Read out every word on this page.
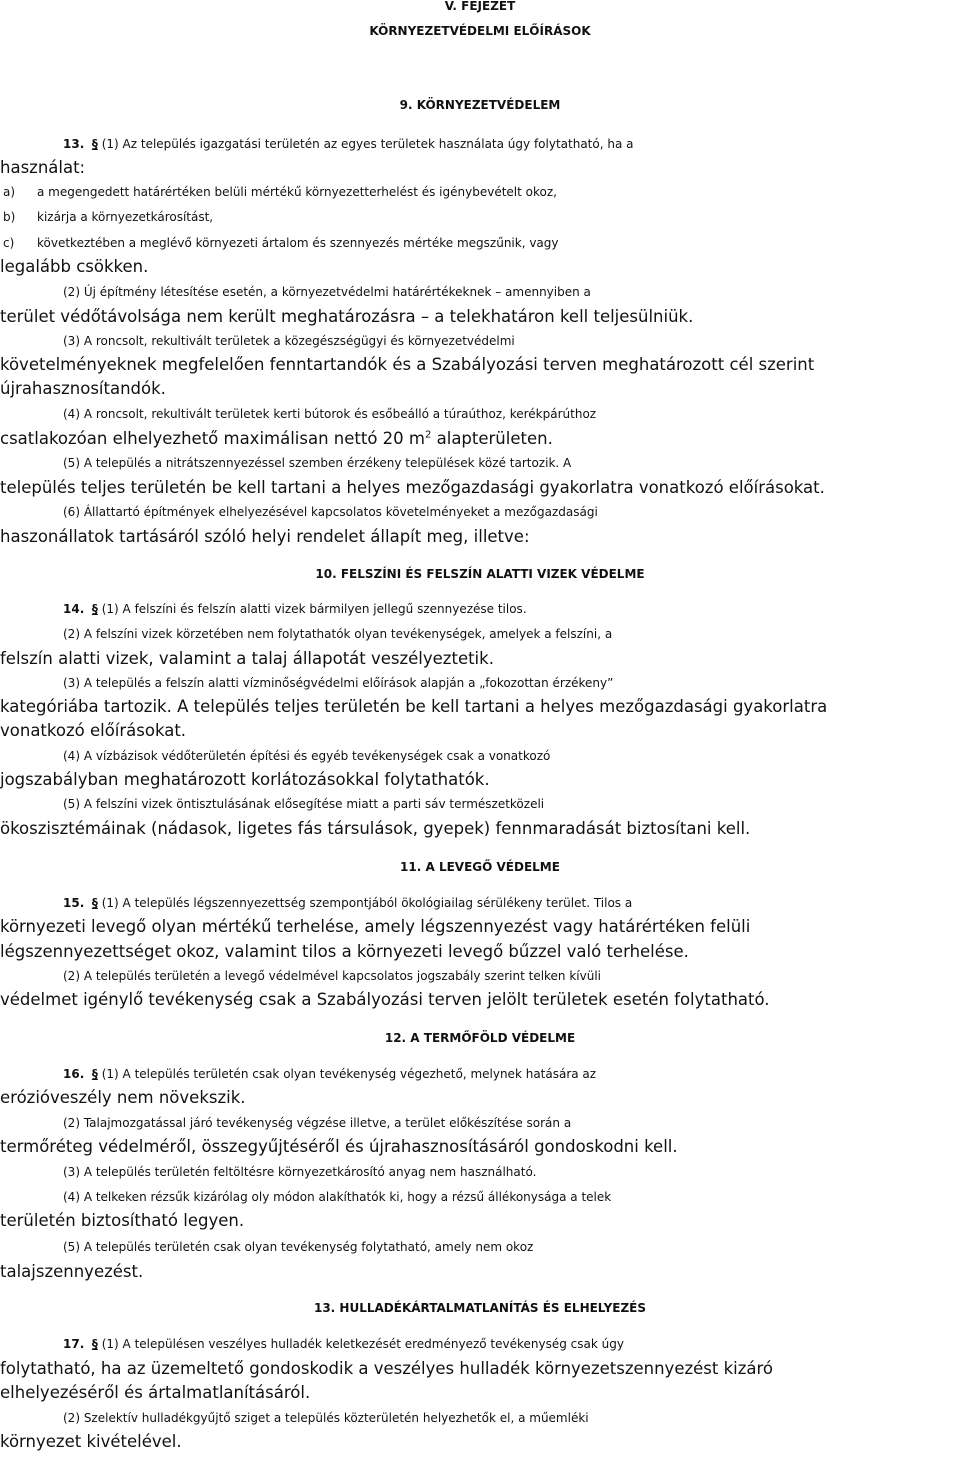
V. FEJEZET
KÖRNYEZETVÉDELMI ELŐÍRÁSOK
9. KÖRNYEZETVÉDELEM
13. § (1) Az település igazgatási területén az egyes területek használata úgy folytatható, ha a
használat:
a) a megengedett határértéken belüli mértékű környezetterhelést és igénybevételt okoz,
b) kizárja a környezetkárosítást,
c) következtében a meglévő környezeti ártalom és szennyezés mértéke megszűnik, vagy
legalább csökken.
(2) Új építmény létesítése esetén, a környezetvédelmi határértékeknek – amennyiben a
terület védőtávolsága nem került meghatározásra – a telekhatáron kell teljesülniük.
(3) A roncsolt, rekultivált területek a közegészségügyi és környezetvédelmi
követelményeknek megfelelően fenntartandók és a Szabályozási terven meghatározott cél szerint
újrahasznosítandók.
(4) A roncsolt, rekultivált területek kerti bútorok és esőbeálló a túraúthoz, kerékpárúthoz
csatlakozóan elhelyezhető maximálisan nettó 20 $m^2$ alapterületen.
(5) A település a nitrátszennyezéssel szemben érzékeny települések közé tartozik. A
település teljes területén be kell tartani a helyes mezőgazdasági gyakorlatra vonatkozó előírásokat.
(6) Állattartó építmények elhelyezésével kapcsolatos követelményeket a mezőgazdasági
haszonállatok tartásáról szóló helyi rendelet állapít meg, illetve:
10. FELSZÍNI ÉS FELSZÍN ALATTI VIZEK VÉDELME
14. § (1) A felszíni és felszín alatti vizek bármilyen jellegű szennyezése tilos.
(2) A felszíni vizek körzetében nem folytathatók olyan tevékenységek, amelyek a felszíni, a
felszín alatti vizek, valamint a talaj állapotát veszélyeztetik.
(3) A település a felszín alatti vízminőségvédelmi előírások alapján a „fokozottan érzékeny”
kategóriába tartozik. A település teljes területén be kell tartani a helyes mezőgazdasági gyakorlatra
vonatkozó előírásokat.
(4) A vízbázisok védőterületén építési és egyéb tevékenységek csak a vonatkozó
jogszabályban meghatározott korlátozásokkal folytathatók.
(5) A felszíni vizek öntisztulásának elősegítése miatt a parti sáv természetközeli
ökoszisztémáinak (nádasok, ligetes fás társulások, gyepek) fennmaradását biztosítani kell.
11. A LEVEGŐ VÉDELME
15. § (1) A település légszennyezettség szempontjából ökológiailag sérülékeny terület. Tilos a
környezeti levegő olyan mértékű terhelése, amely légszennyezést vagy határértéken felüli
légszennyezettséget okoz, valamint tilos a környezeti levegő bűzzel való terhelése.
(2) A település területén a levegő védelmével kapcsolatos jogszabály szerint telken kívüli
védelmet igénylő tevékenység csak a Szabályozási terven jelölt területek esetén folytatható.
12. A TERMŐFÖLD VÉDELME
16. § (1) A település területén csak olyan tevékenység végezhető, melynek hatására az
erózióveszély nem növekszik.
(2) Talajmozgatással járó tevékenység végzése illetve, a terület előkészítése során a
termőréteg védelméről, összegyűjtéséről és újrahasznosításáról gondoskodni kell.
(3) A település területén feltöltésre környezetkárosító anyag nem használható.
(4) A telkeken rézsűk kizárólag oly módon alakíthatók ki, hogy a rézsű állékonysága a telek
területén biztosítható legyen.
(5) A település területén csak olyan tevékenység folytatható, amely nem okoz
talajszennyezést.
13. HULLADÉKÁRTALMATLANÍTÁS ÉS ELHELYEZÉS
17. § (1) A településen veszélyes hulladék keletkezését eredményező tevékenység csak úgy
folytatható, ha az üzemeltető gondoskodik a veszélyes hulladék környezetszennyezést kizáró
elhelyezéséről és ártalmatlanításáról.
(2) Szelektív hulladékgyűjtő sziget a település közterületén helyezhetők el, a műemléki
környezet kivételével.
